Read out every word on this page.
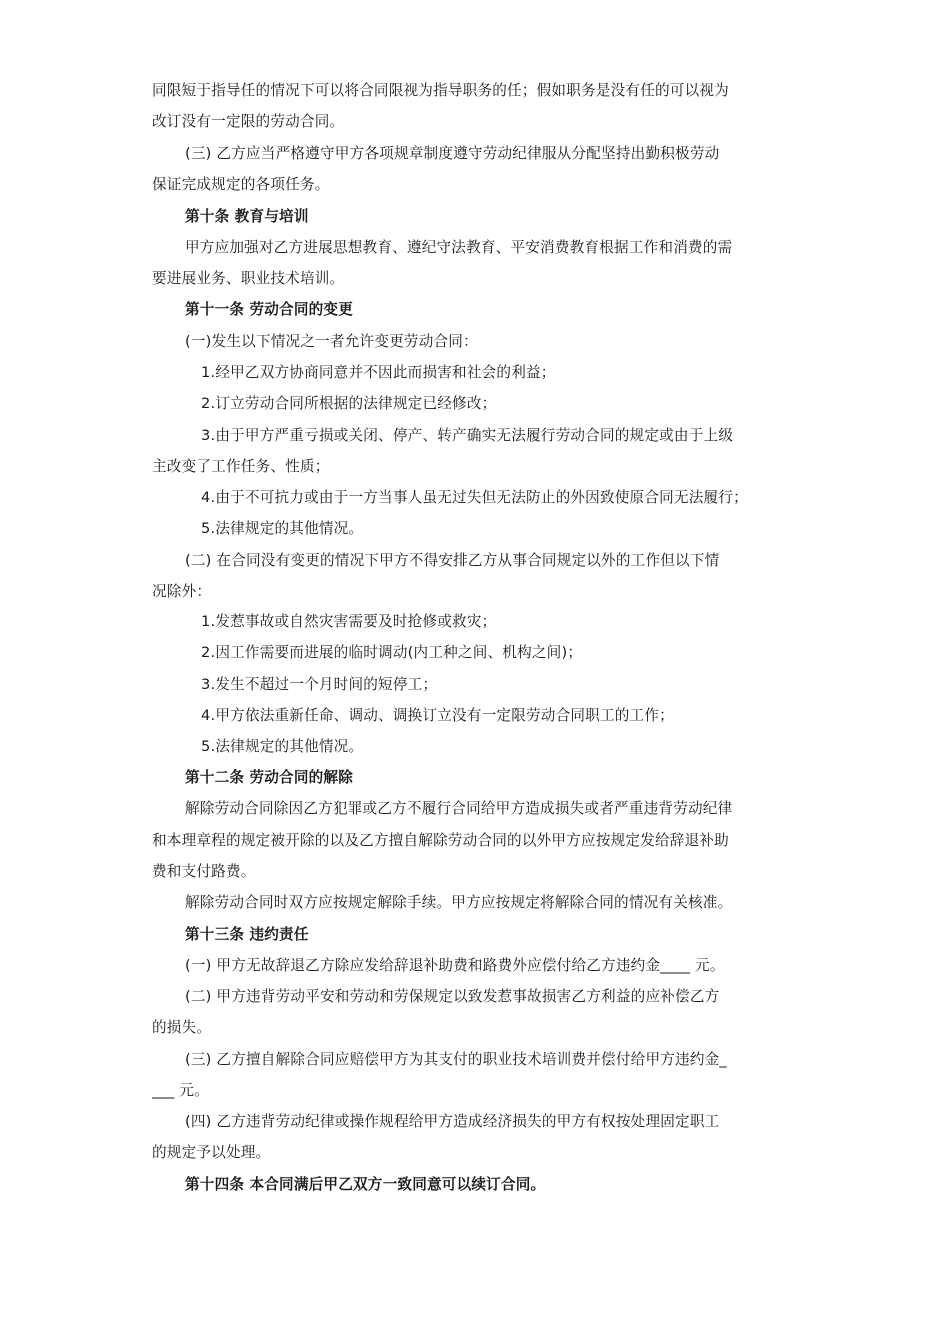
同限短于指导任的情况下可以将合同限视为指导职务的任；假如职务是没有任的可以视为
改订没有一定限的劳动合同。
(三) 乙方应当严格遵守甲方各项规章制度遵守劳动纪律服从分配坚持出勤积极劳动
保证完成规定的各项任务。
第十条 教育与培训
甲方应加强对乙方进展思想教育、遵纪守法教育、平安消费教育根据工作和消费的需
要进展业务、职业技术培训。
第十一条 劳动合同的变更
(一)发生以下情况之一者允许变更劳动合同：
1.经甲乙双方协商同意并不因此而损害和社会的利益；
2.订立劳动合同所根据的法律规定已经修改；
3.由于甲方严重亏损或关闭、停产、转产确实无法履行劳动合同的规定或由于上级
主改变了工作任务、性质；
4.由于不可抗力或由于一方当事人虽无过失但无法防止的外因致使原合同无法履行；
5.法律规定的其他情况。
(二) 在合同没有变更的情况下甲方不得安排乙方从事合同规定以外的工作但以下情
况除外：
1.发惹事故或自然灾害需要及时抢修或救灾；
2.因工作需要而进展的临时调动(内工种之间、机构之间)；
3.发生不超过一个月时间的短停工；
4.甲方依法重新任命、调动、调换订立没有一定限劳动合同职工的工作；
5.法律规定的其他情况。
第十二条 劳动合同的解除
解除劳动合同除因乙方犯罪或乙方不履行合同给甲方造成损失或者严重违背劳动纪律
和本理章程的规定被开除的以及乙方擅自解除劳动合同的以外甲方应按规定发给辞退补助
费和支付路费。
解除劳动合同时双方应按规定解除手续。甲方应按规定将解除合同的情况有关核准。
第十三条 违约责任
(一) 甲方无故辞退乙方除应发给辞退补助费和路费外应偿付给乙方违约金____ 元。
(二) 甲方违背劳动平安和劳动和劳保规定以致发惹事故损害乙方利益的应补偿乙方
的损失。
(三) 乙方擅自解除合同应赔偿甲方为其支付的职业技术培训费并偿付给甲方违约金_
___ 元。
(四) 乙方违背劳动纪律或操作规程给甲方造成经济损失的甲方有权按处理固定职工
的规定予以处理。
第十四条 本合同满后甲乙双方一致同意可以续订合同。
